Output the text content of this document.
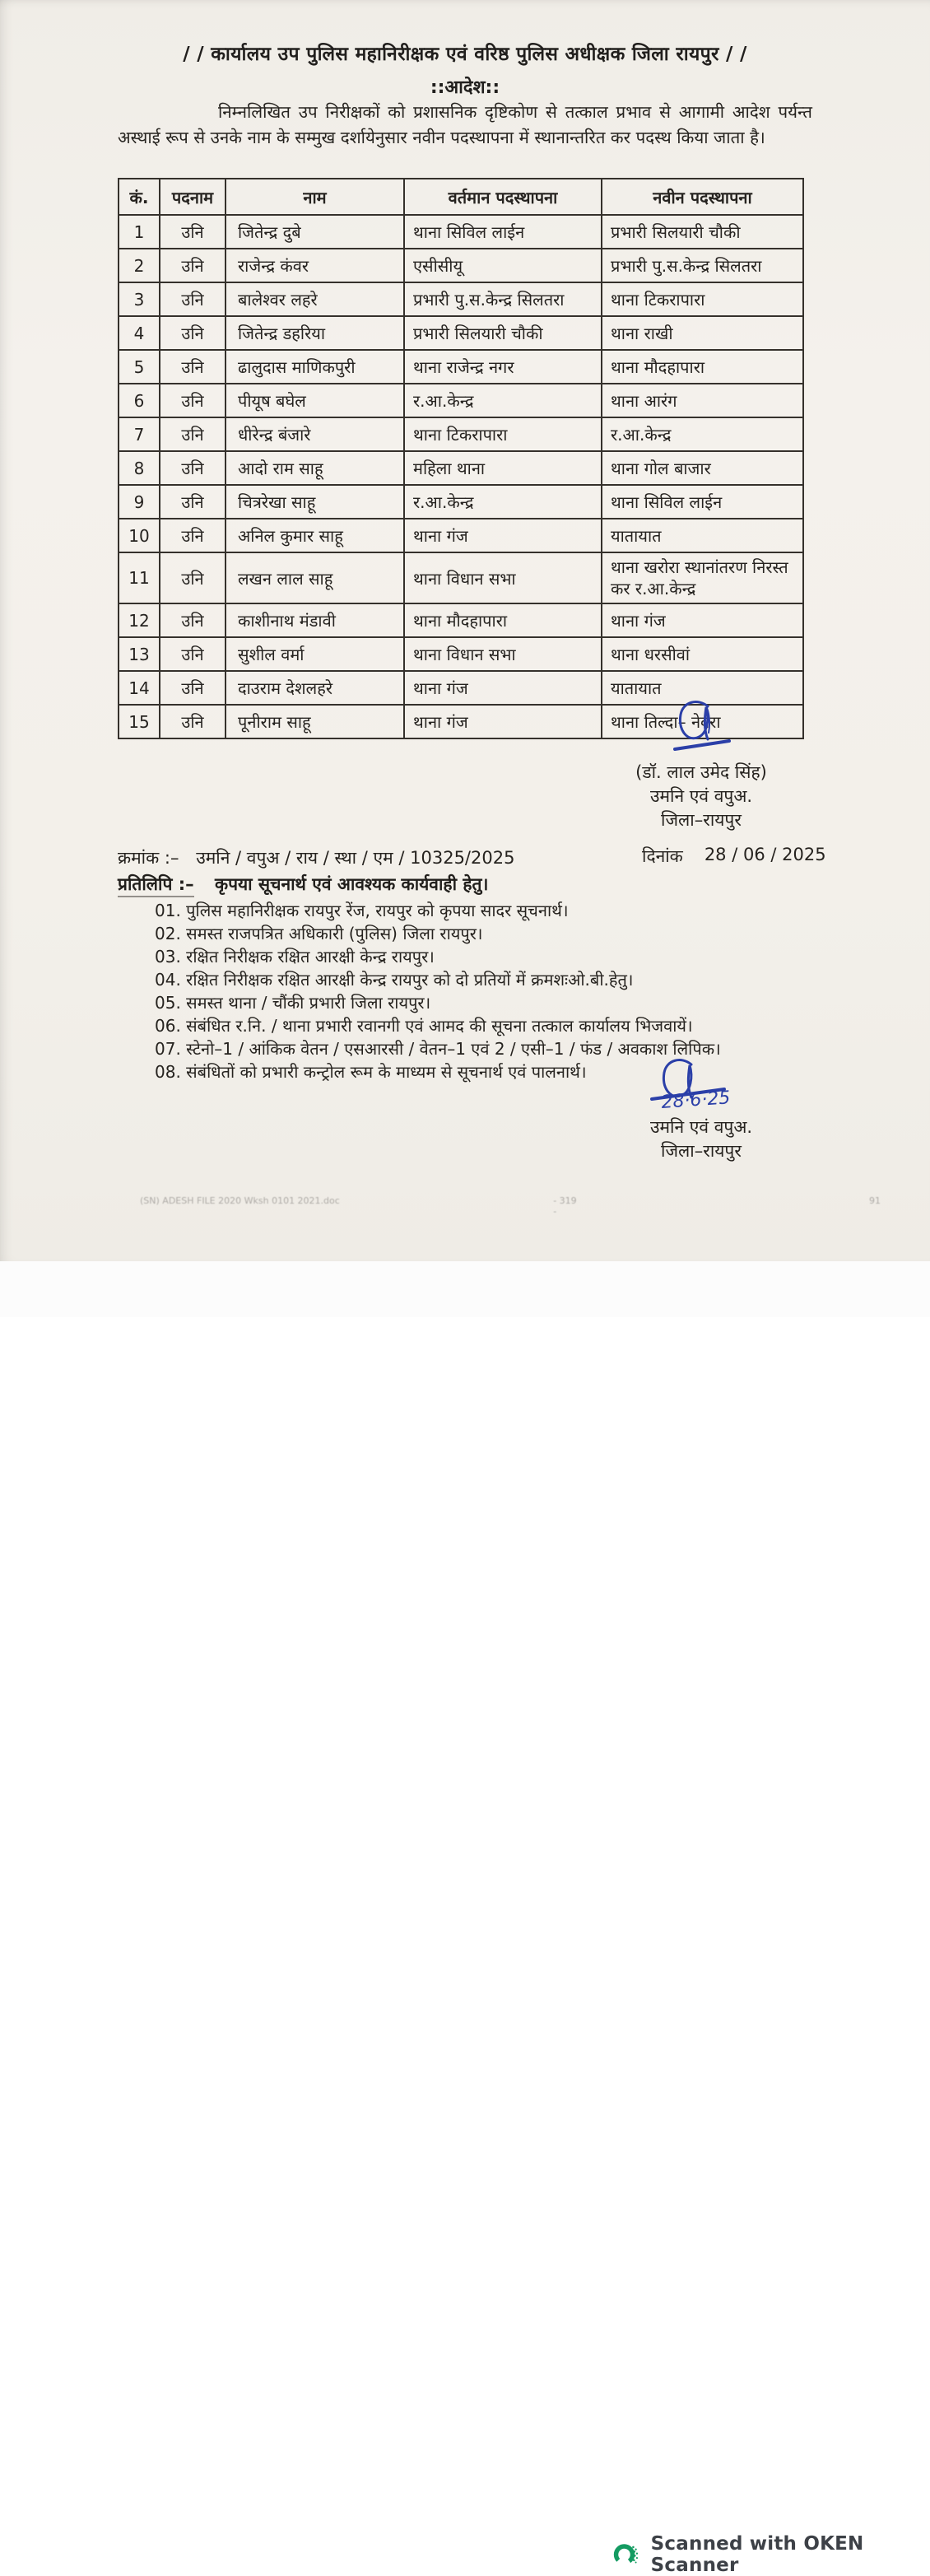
/ / कार्यालय उप पुलिस महानिरीक्षक एवं वरिष्ठ पुलिस अधीक्षक जिला रायपुर / /
::आदेश::
निम्नलिखित उप निरीक्षकों को प्रशासनिक दृष्टिकोण से तत्काल प्रभाव से आगामी आदेश पर्यन्त अस्थाई रूप से उनके नाम के सम्मुख दर्शायेनुसार नवीन पदस्थापना में स्थानान्तरित कर पदस्थ किया जाता है।
कं.	पदनाम	नाम	वर्तमान पदस्थापना	नवीन पदस्थापना
1	उनि	जितेन्द्र दुबे	थाना सिविल लाईन	प्रभारी सिलयारी चौकी
2	उनि	राजेन्द्र कंवर	एसीसीयू	प्रभारी पु.स.केन्द्र सिलतरा
3	उनि	बालेश्वर लहरे	प्रभारी पु.स.केन्द्र सिलतरा	थाना टिकरापारा
4	उनि	जितेन्द्र डहरिया	प्रभारी सिलयारी चौकी	थाना राखी
5	उनि	ढालुदास माणिकपुरी	थाना राजेन्द्र नगर	थाना मौदहापारा
6	उनि	पीयूष बघेल	र.आ.केन्द्र	थाना आरंग
7	उनि	धीरेन्द्र बंजारे	थाना टिकरापारा	र.आ.केन्द्र
8	उनि	आदो राम साहू	महिला थाना	थाना गोल बाजार
9	उनि	चित्ररेखा साहू	र.आ.केन्द्र	थाना सिविल लाईन
10	उनि	अनिल कुमार साहू	थाना गंज	यातायात
11	उनि	लखन लाल साहू	थाना विधान सभा	थाना खरोरा स्थानांतरण निरस्त कर र.आ.केन्द्र
12	उनि	काशीनाथ मंडावी	थाना मौदहापारा	थाना गंज
13	उनि	सुशील वर्मा	थाना विधान सभा	थाना धरसीवां
14	उनि	दाउराम देशलहरे	थाना गंज	यातायात
15	उनि	पूनीराम साहू	थाना गंज	थाना तिल्दा– नेवरा
(डॉ. लाल उमेद सिंह)
उमनि एवं वपुअ.
जिला–रायपुर
दिनांक 28 / 06 / 2025
क्रमांक :– उमनि / वपुअ / राय / स्था / एम / 10325/2025
प्रतिलिपि :– कृपया सूचनार्थ एवं आवश्यक कार्यवाही हेतु।
01. पुलिस महानिरीक्षक रायपुर रेंज, रायपुर को कृपया सादर सूचनार्थ।
02. समस्त राजपत्रित अधिकारी (पुलिस) जिला रायपुर।
03. रक्षित निरीक्षक रक्षित आरक्षी केन्द्र रायपुर।
04. रक्षित निरीक्षक रक्षित आरक्षी केन्द्र रायपुर को दो प्रतियों में क्रमशःओ.बी.हेतु।
05. समस्त थाना / चौंकी प्रभारी जिला रायपुर।
06. संबंधित र.नि. / थाना प्रभारी रवानगी एवं आमद की सूचना तत्काल कार्यालय भिजवायें।
07. स्टेनो–1 / आंकिक वेतन / एसआरसी / वेतन–1 एवं 2 / एसी–1 / फंड / अवकाश लिपिक।
08. संबंधितों को प्रभारी कन्ट्रोल रूम के माध्यम से सूचनार्थ एवं पालनार्थ।
28·6·25
उमनि एवं वपुअ.
जिला–रायपुर
(SN) ADESH FILE 2020 Wksh 0101 2021.doc	- 319 -
91
Scanned with OKEN Scanner
